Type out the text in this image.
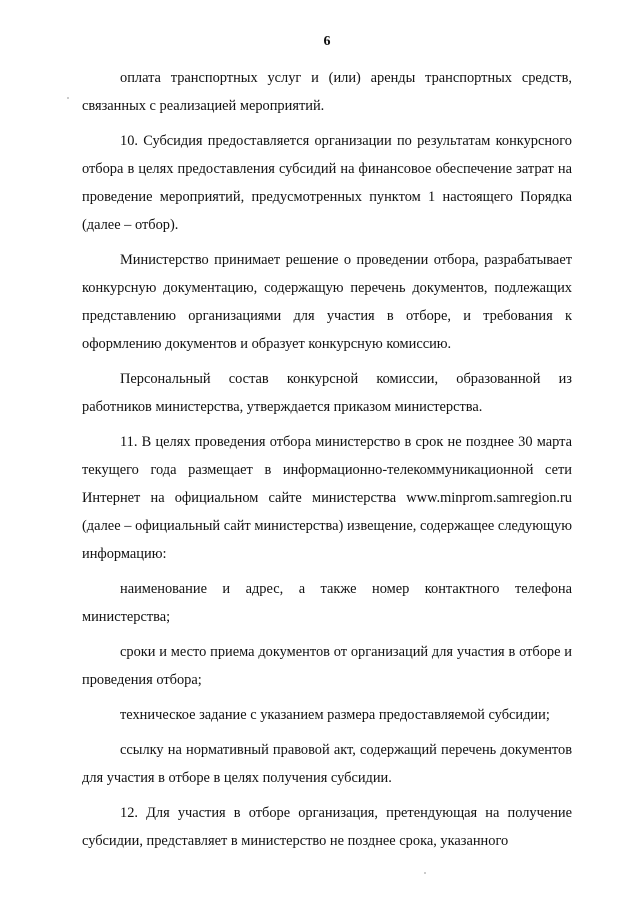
6

оплата транспортных услуг и (или) аренды транспортных средств, связанных с реализацией мероприятий.

10. Субсидия предоставляется организации по результатам конкурсного отбора в целях предоставления субсидий на финансовое обеспечение затрат на проведение мероприятий, предусмотренных пунктом 1 настоящего Порядка (далее – отбор).

Министерство принимает решение о проведении отбора, разрабатывает конкурсную документацию, содержащую перечень документов, подлежащих представлению организациями для участия в отборе, и требования к оформлению документов и образует конкурсную комиссию.

Персональный состав конкурсной комиссии, образованной из работников министерства, утверждается приказом министерства.

11. В целях проведения отбора министерство в срок не позднее 30 марта текущего года размещает в информационно-телекоммуникационной сети Интернет на официальном сайте министерства www.minprom.samregion.ru (далее – официальный сайт министерства) извещение, содержащее следующую информацию:

наименование и адрес, а также номер контактного телефона министерства;

сроки и место приема документов от организаций для участия в отборе и проведения отбора;

техническое задание с указанием размера предоставляемой субсидии;

ссылку на нормативный правовой акт, содержащий перечень документов для участия в отборе в целях получения субсидии.

12. Для участия в отборе организация, претендующая на получение субсидии, представляет в министерство не позднее срока, указанного
